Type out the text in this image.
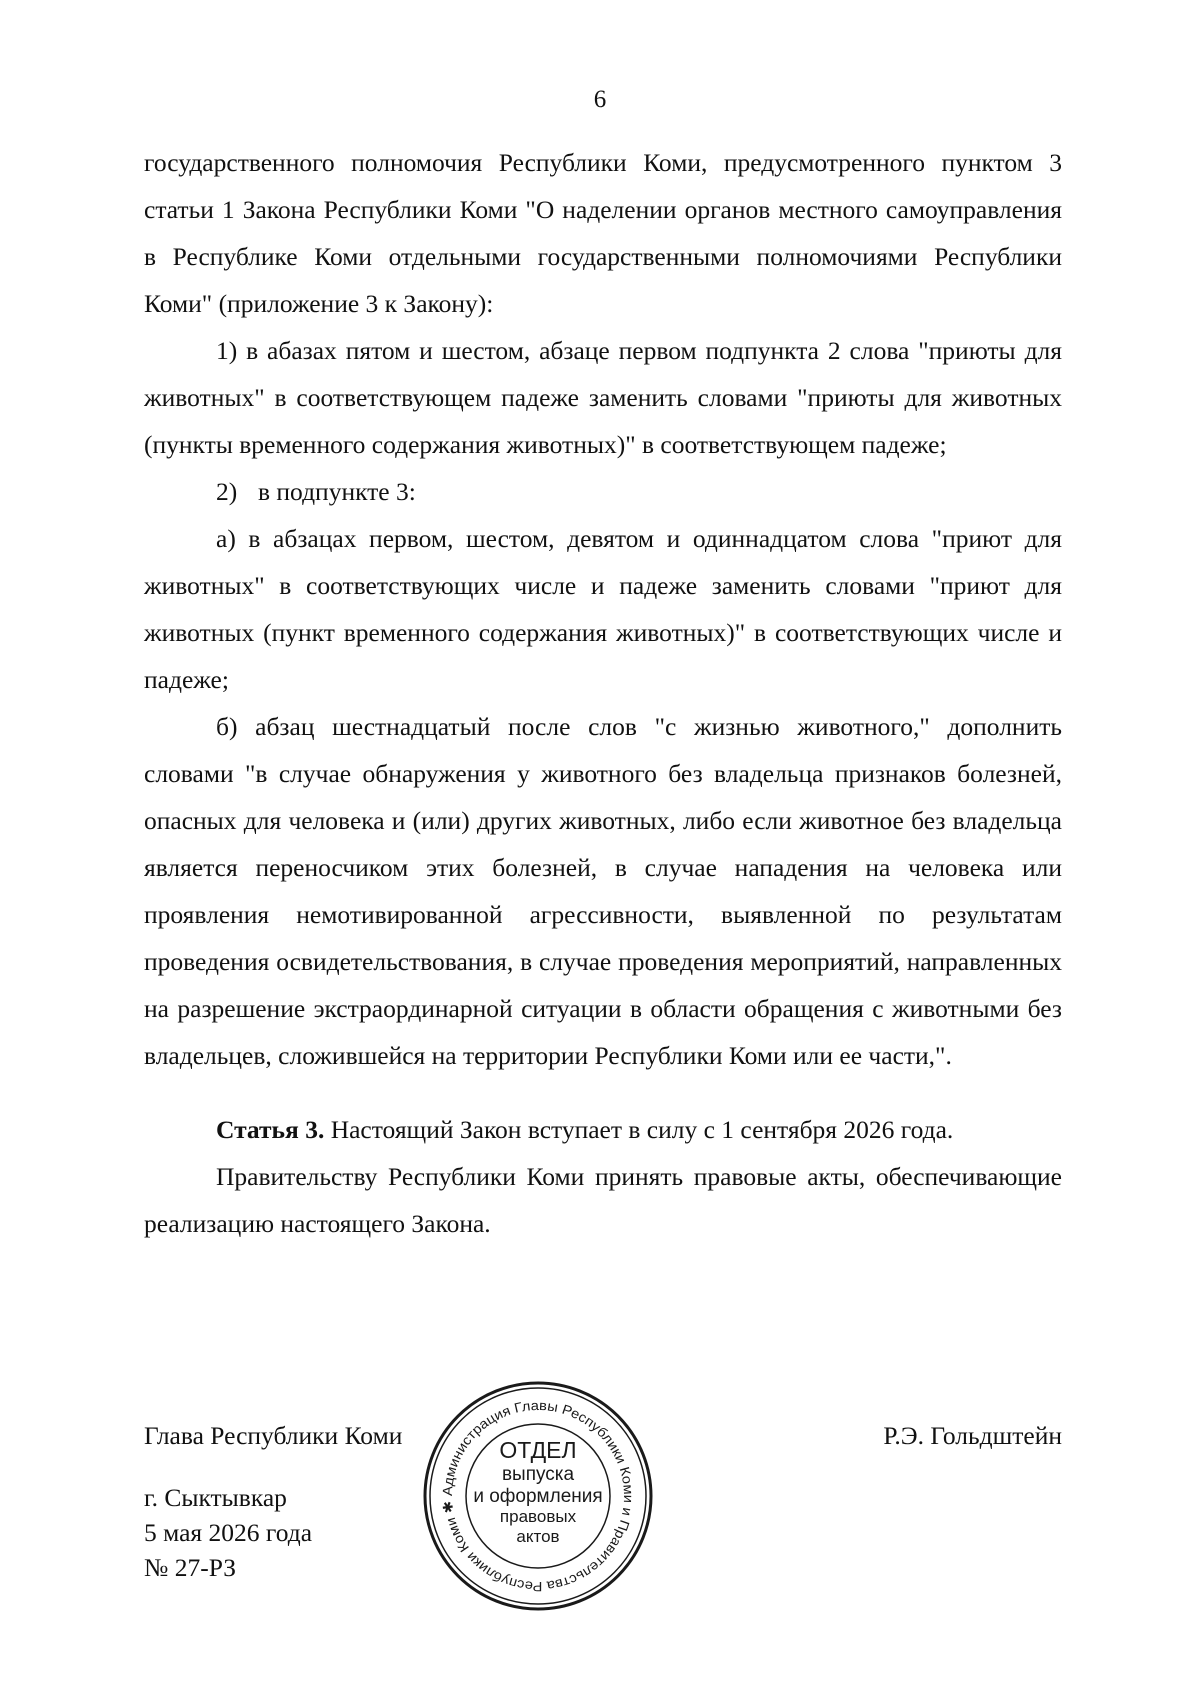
6

государственного полномочия Республики Коми, предусмотренного пунктом 3 статьи 1 Закона Республики Коми "О наделении органов местного самоуправления в Республике Коми отдельными государственными полномочиями Республики Коми" (приложение 3 к Закону):

1) в абазах пятом и шестом, абзаце первом подпункта 2 слова "приюты для животных" в соответствующем падеже заменить словами "приюты для животных (пункты временного содержания животных)" в соответствующем падеже;

2) в подпункте 3:

а) в абзацах первом, шестом, девятом и одиннадцатом слова "приют для животных" в соответствующих числе и падеже заменить словами "приют для животных (пункт временного содержания животных)" в соответствующих числе и падеже;

б) абзац шестнадцатый после слов "с жизнью животного," дополнить словами "в случае обнаружения у животного без владельца признаков болезней, опасных для человека и (или) других животных, либо если животное без владельца является переносчиком этих болезней, в случае нападения на человека или проявления немотивированной агрессивности, выявленной по результатам проведения освидетельствования, в случае проведения мероприятий, направленных на разрешение экстраординарной ситуации в области обращения с животными без владельцев, сложившейся на территории Республики Коми или ее части,".

Статья 3. Настоящий Закон вступает в силу с 1 сентября 2026 года.

Правительству Республики Коми принять правовые акты, обеспечивающие реализацию настоящего Закона.

Глава Республики Коми	Р.Э. Гольдштейн
г. Сыктывкар
5 мая 2026 года
№ 27-РЗ
Администрация Главы Республики Коми и Правительства Республики Коми ✱
ОТДЕЛ
выпуска
и оформления
правовых
актов
